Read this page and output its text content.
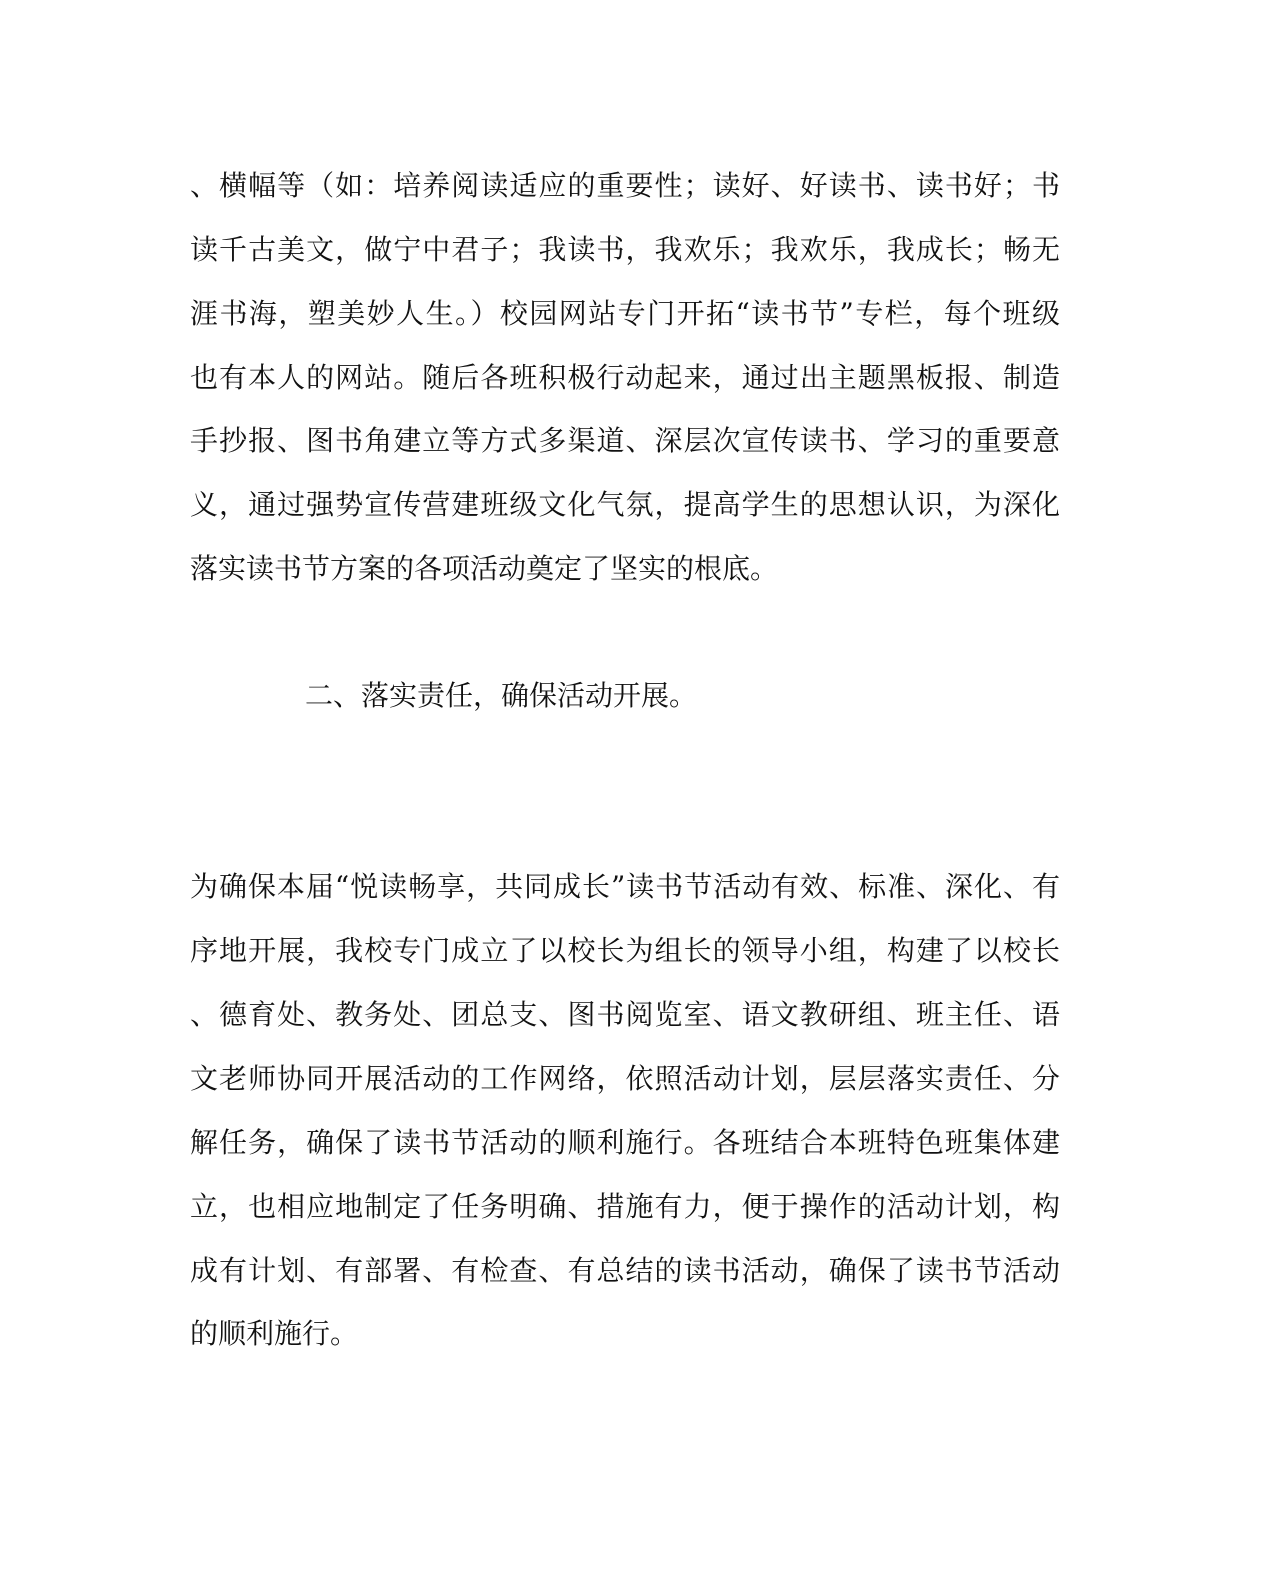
、横幅等（如：培养阅读适应的重要性；读好、好读书、读书好；书
读千古美文，做宁中君子；我读书，我欢乐；我欢乐，我成长；畅无
涯书海，塑美妙人生。）校园网站专门开拓“读书节”专栏，每个班级
也有本人的网站。随后各班积极行动起来，通过出主题黑板报、制造
手抄报、图书角建立等方式多渠道、深层次宣传读书、学习的重要意
义，通过强势宣传营建班级文化气氛，提高学生的思想认识，为深化
落实读书节方案的各项活动奠定了坚实的根底。
二、落实责任，确保活动开展。
为确保本届“悦读畅享，共同成长”读书节活动有效、标准、深化、有
序地开展，我校专门成立了以校长为组长的领导小组，构建了以校长
、德育处、教务处、团总支、图书阅览室、语文教研组、班主任、语
文老师协同开展活动的工作网络，依照活动计划，层层落实责任、分
解任务，确保了读书节活动的顺利施行。各班结合本班特色班集体建
立，也相应地制定了任务明确、措施有力，便于操作的活动计划，构
成有计划、有部署、有检查、有总结的读书活动，确保了读书节活动
的顺利施行。
